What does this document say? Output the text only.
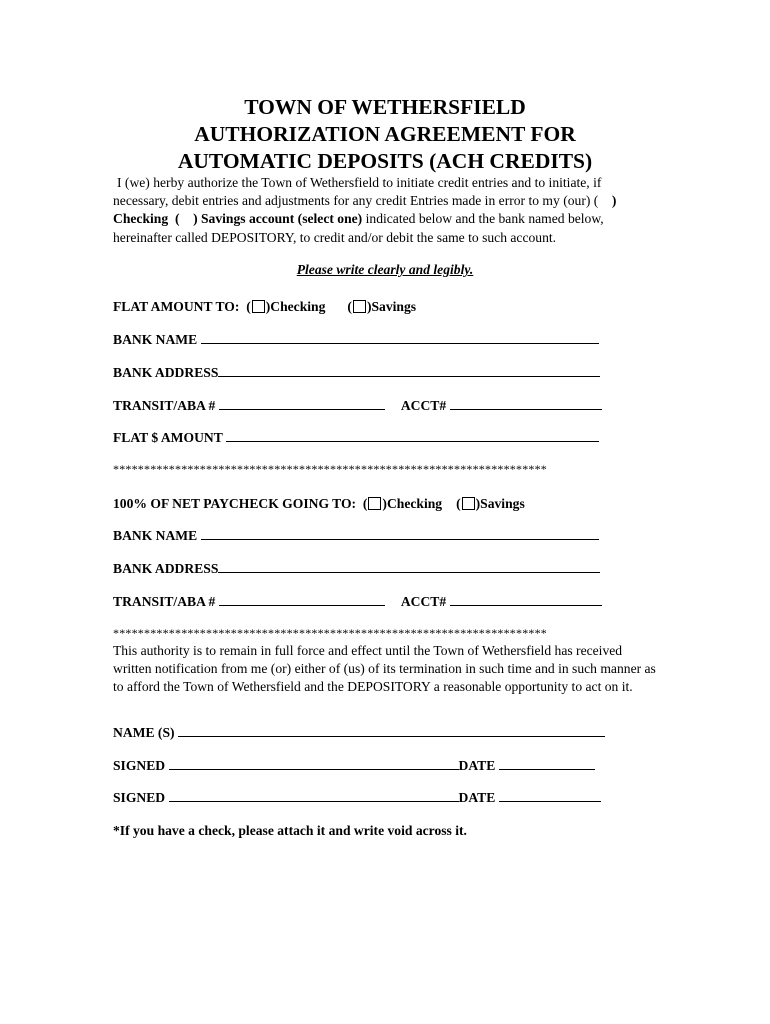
TOWN OF WETHERSFIELD
AUTHORIZATION AGREEMENT FOR
AUTOMATIC DEPOSITS (ACH CREDITS)
I (we) herby authorize the Town of Wethersfield to initiate credit entries and to initiate, if necessary, debit entries and adjustments for any credit Entries made in error to my (our) ( ) Checking ( ) Savings account (select one) indicated below and the bank named below, hereinafter called DEPOSITORY, to credit and/or debit the same to such account.
Please write clearly and legibly.
FLAT AMOUNT TO:  ( )Checking ( )Savings
BANK NAME
BANK ADDRESS
TRANSIT/ABA #	ACCT#
FLAT $ AMOUNT
**********************************************************************
100% OF NET PAYCHECK GOING TO:  ( )Checking ( )Savings
BANK NAME
BANK ADDRESS
TRANSIT/ABA #	ACCT#
**********************************************************************
This authority is to remain in full force and effect until the Town of Wethersfield has received written notification from me (or) either of (us) of its termination in such time and in such manner as to afford the Town of Wethersfield and the DEPOSITORY a reasonable opportunity to act on it.
NAME (S)
SIGNED	DATE
SIGNED	DATE
*If you have a check, please attach it and write void across it.
